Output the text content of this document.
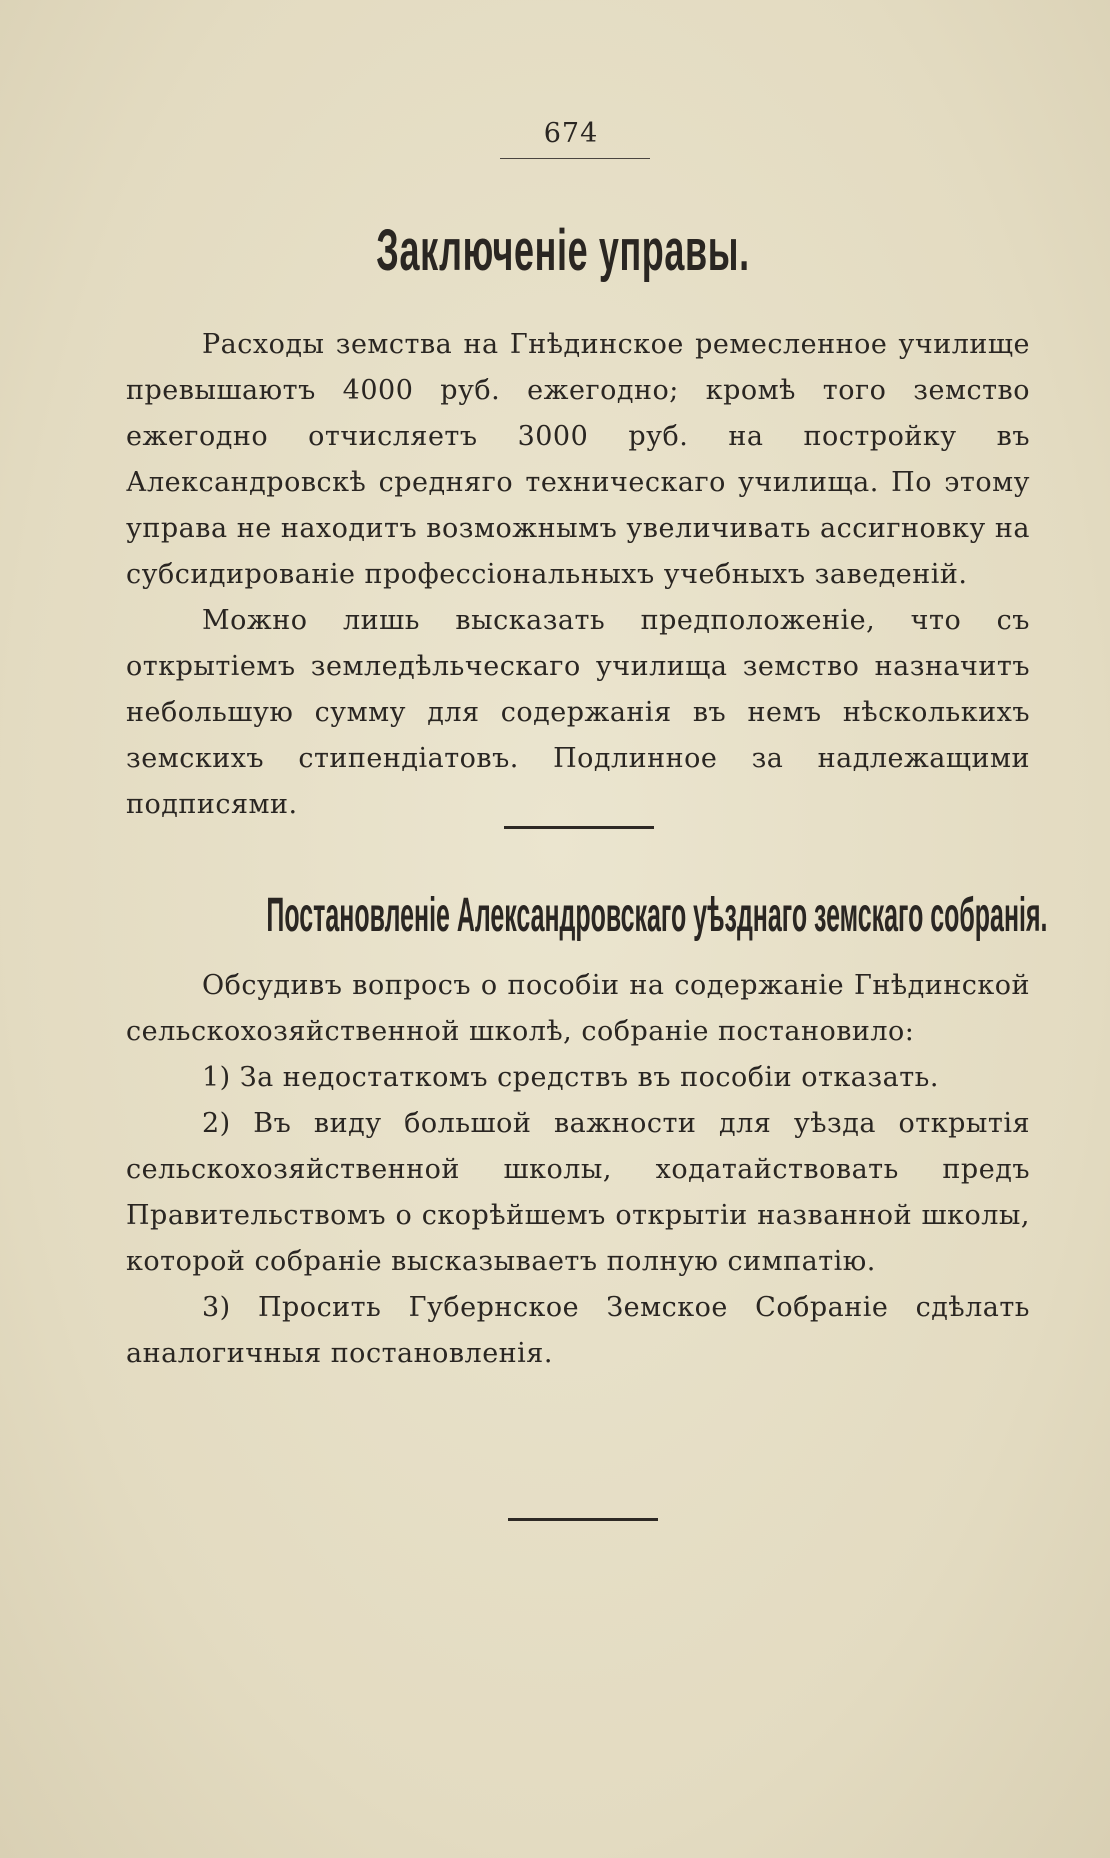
674
Заключеніе управы.

Расходы земства на Гнѣдинское ремесленное училище превышаютъ 4000 руб. ежегодно; кромѣ того земство ежегодно отчисляетъ 3000 руб. на постройку въ Александровскѣ средняго техническаго училища. По этому управа не находитъ возможнымъ увеличивать ассигновку на субсидированіе профессіональныхъ учебныхъ заведеній.

Можно лишь высказать предположеніе, что съ открытіемъ земледѣльческаго училища земство назначитъ небольшую сумму для содержанія въ немъ нѣсколькихъ земскихъ стипендіатовъ. Подлинное за надлежащими подписями.

Постановленіе Александровскаго уѣзднаго земскаго собранія.

Обсудивъ вопросъ о пособіи на содержаніе Гнѣдинской сельскохозяйственной школѣ, собраніе постановило:

1) За недостаткомъ средствъ въ пособіи отказать.

2) Въ виду большой важности для уѣзда открытія сельскохозяйственной школы, ходатайствовать предъ Правительствомъ о скорѣйшемъ открытіи названной школы, которой собраніе высказываетъ полную симпатію.

3) Просить Губернское Земское Собраніе сдѣлать аналогичныя постановленія.
